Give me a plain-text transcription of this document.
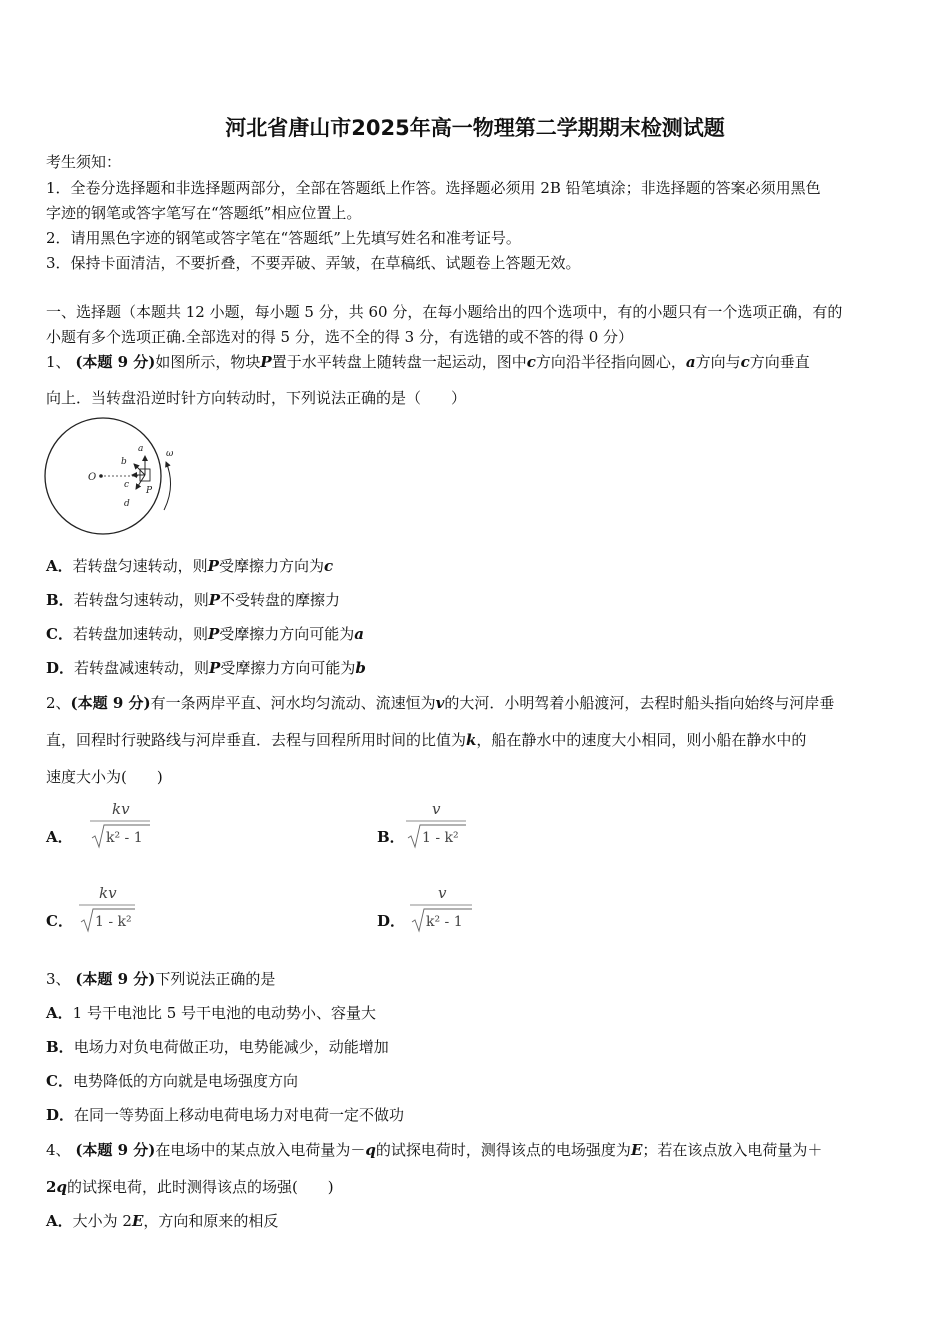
河北省唐山市2025年高一物理第二学期期末检测试题
考生须知：
1．全卷分选择题和非选择题两部分，全部在答题纸上作答。选择题必须用 2B 铅笔填涂；非选择题的答案必须用黑色
字迹的钢笔或答字笔写在“答题纸”相应位置上。
2．请用黑色字迹的钢笔或答字笔在“答题纸”上先填写姓名和准考证号。
3．保持卡面清洁，不要折叠，不要弄破、弄皱，在草稿纸、试题卷上答题无效。
一、选择题（本题共 12 小题，每小题 5 分，共 60 分，在每小题给出的四个选项中，有的小题只有一个选项正确，有的
小题有多个选项正确.全部选对的得 5 分，选不全的得 3 分，有选错的或不答的得 0 分）
1、 (本题 9 分)如图所示，物块P置于水平转盘上随转盘一起运动，图中c方向沿半径指向圆心，a方向与c方向垂直
向上．当转盘沿逆时针方向转动时，下列说法正确的是（　　）
O
a
b
c
d
P
ω
A．若转盘匀速转动，则P受摩擦力方向为c
B．若转盘匀速转动，则P不受转盘的摩擦力
C．若转盘加速转动，则P受摩擦力方向可能为a
D．若转盘减速转动，则P受摩擦力方向可能为b
2、(本题 9 分)有一条两岸平直、河水均匀流动、流速恒为v的大河．小明驾着小船渡河，去程时船头指向始终与河岸垂
直，回程时行驶路线与河岸垂直．去程与回程所用时间的比值为k，船在静水中的速度大小相同，则小船在静水中的
速度大小为(　　)
A．
kv
k² - 1	B．
v
1 - k²
C．
kv
1 - k²	D．
v
k² - 1
3、 (本题 9 分)下列说法正确的是
A．1 号干电池比 5 号干电池的电动势小、容量大
B．电场力对负电荷做正功，电势能减少，动能增加
C．电势降低的方向就是电场强度方向
D．在同一等势面上移动电荷电场力对电荷一定不做功
4、 (本题 9 分)在电场中的某点放入电荷量为－q的试探电荷时，测得该点的电场强度为E；若在该点放入电荷量为＋
2q的试探电荷，此时测得该点的场强(　　)
A．大小为 2E，方向和原来的相反
